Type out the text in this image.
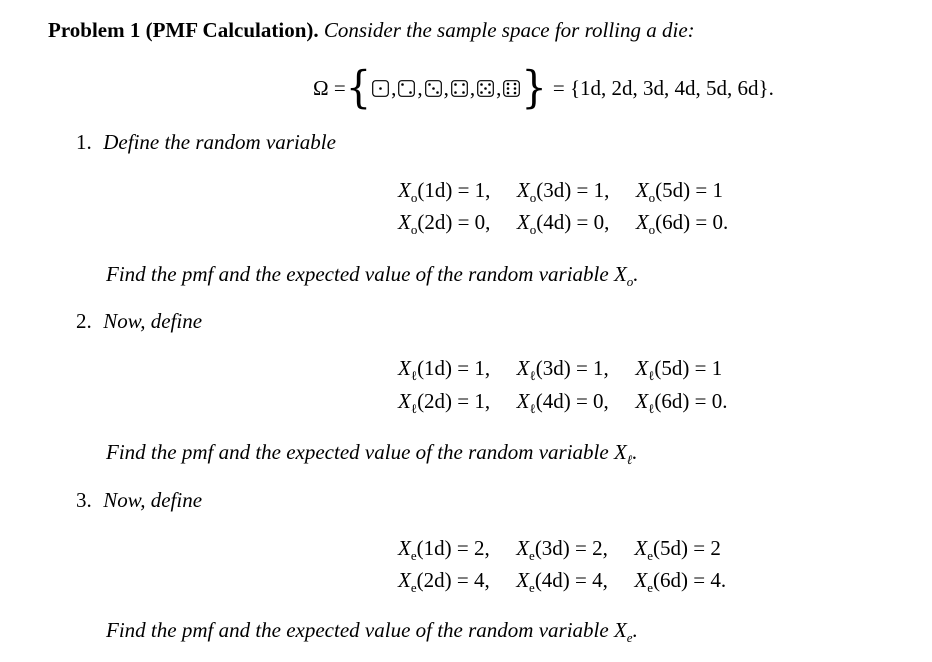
Problem 1 (PMF Calculation). Consider the sample space for rolling a die:
Ω = { , , , , , } = {1d, 2d, 3d, 4d, 5d, 6d}.
1. Define the random variable
$X_o(1d) = 1$, $X_o(3d) = 1$, $X_o(5d) = 1$
$X_o(2d) = 0$, $X_o(4d) = 0$, $X_o(6d) = 0$.
Find the pmf and the expected value of the random variable $X_o$.
2. Now, define
$X_\ell(1d) = 1$, $X_\ell(3d) = 1$, $X_\ell(5d) = 1$
$X_\ell(2d) = 1$, $X_\ell(4d) = 0$, $X_\ell(6d) = 0$.
Find the pmf and the expected value of the random variable $X_\ell$.
3. Now, define
$X_e(1d) = 2$, $X_e(3d) = 2$, $X_e(5d) = 2$
$X_e(2d) = 4$, $X_e(4d) = 4$, $X_e(6d) = 4$.
Find the pmf and the expected value of the random variable $X_e$.
